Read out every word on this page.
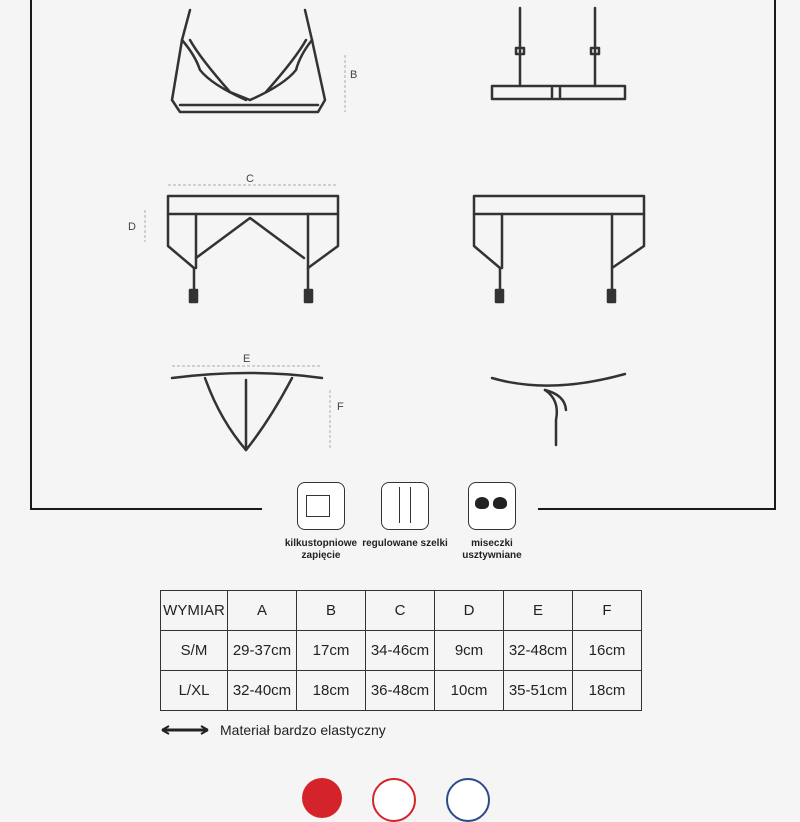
B
C
D
E
F
kilkustopniowe zapięcie
regulowane szelki	miseczki usztywniane
WYMIAR	A	B	C	D	E	F
S/M	29-37cm	17cm	34-46cm	9cm	32-48cm	16cm
L/XL	32-40cm	18cm	36-48cm	10cm	35-51cm	18cm
Materiał bardzo elastyczny
